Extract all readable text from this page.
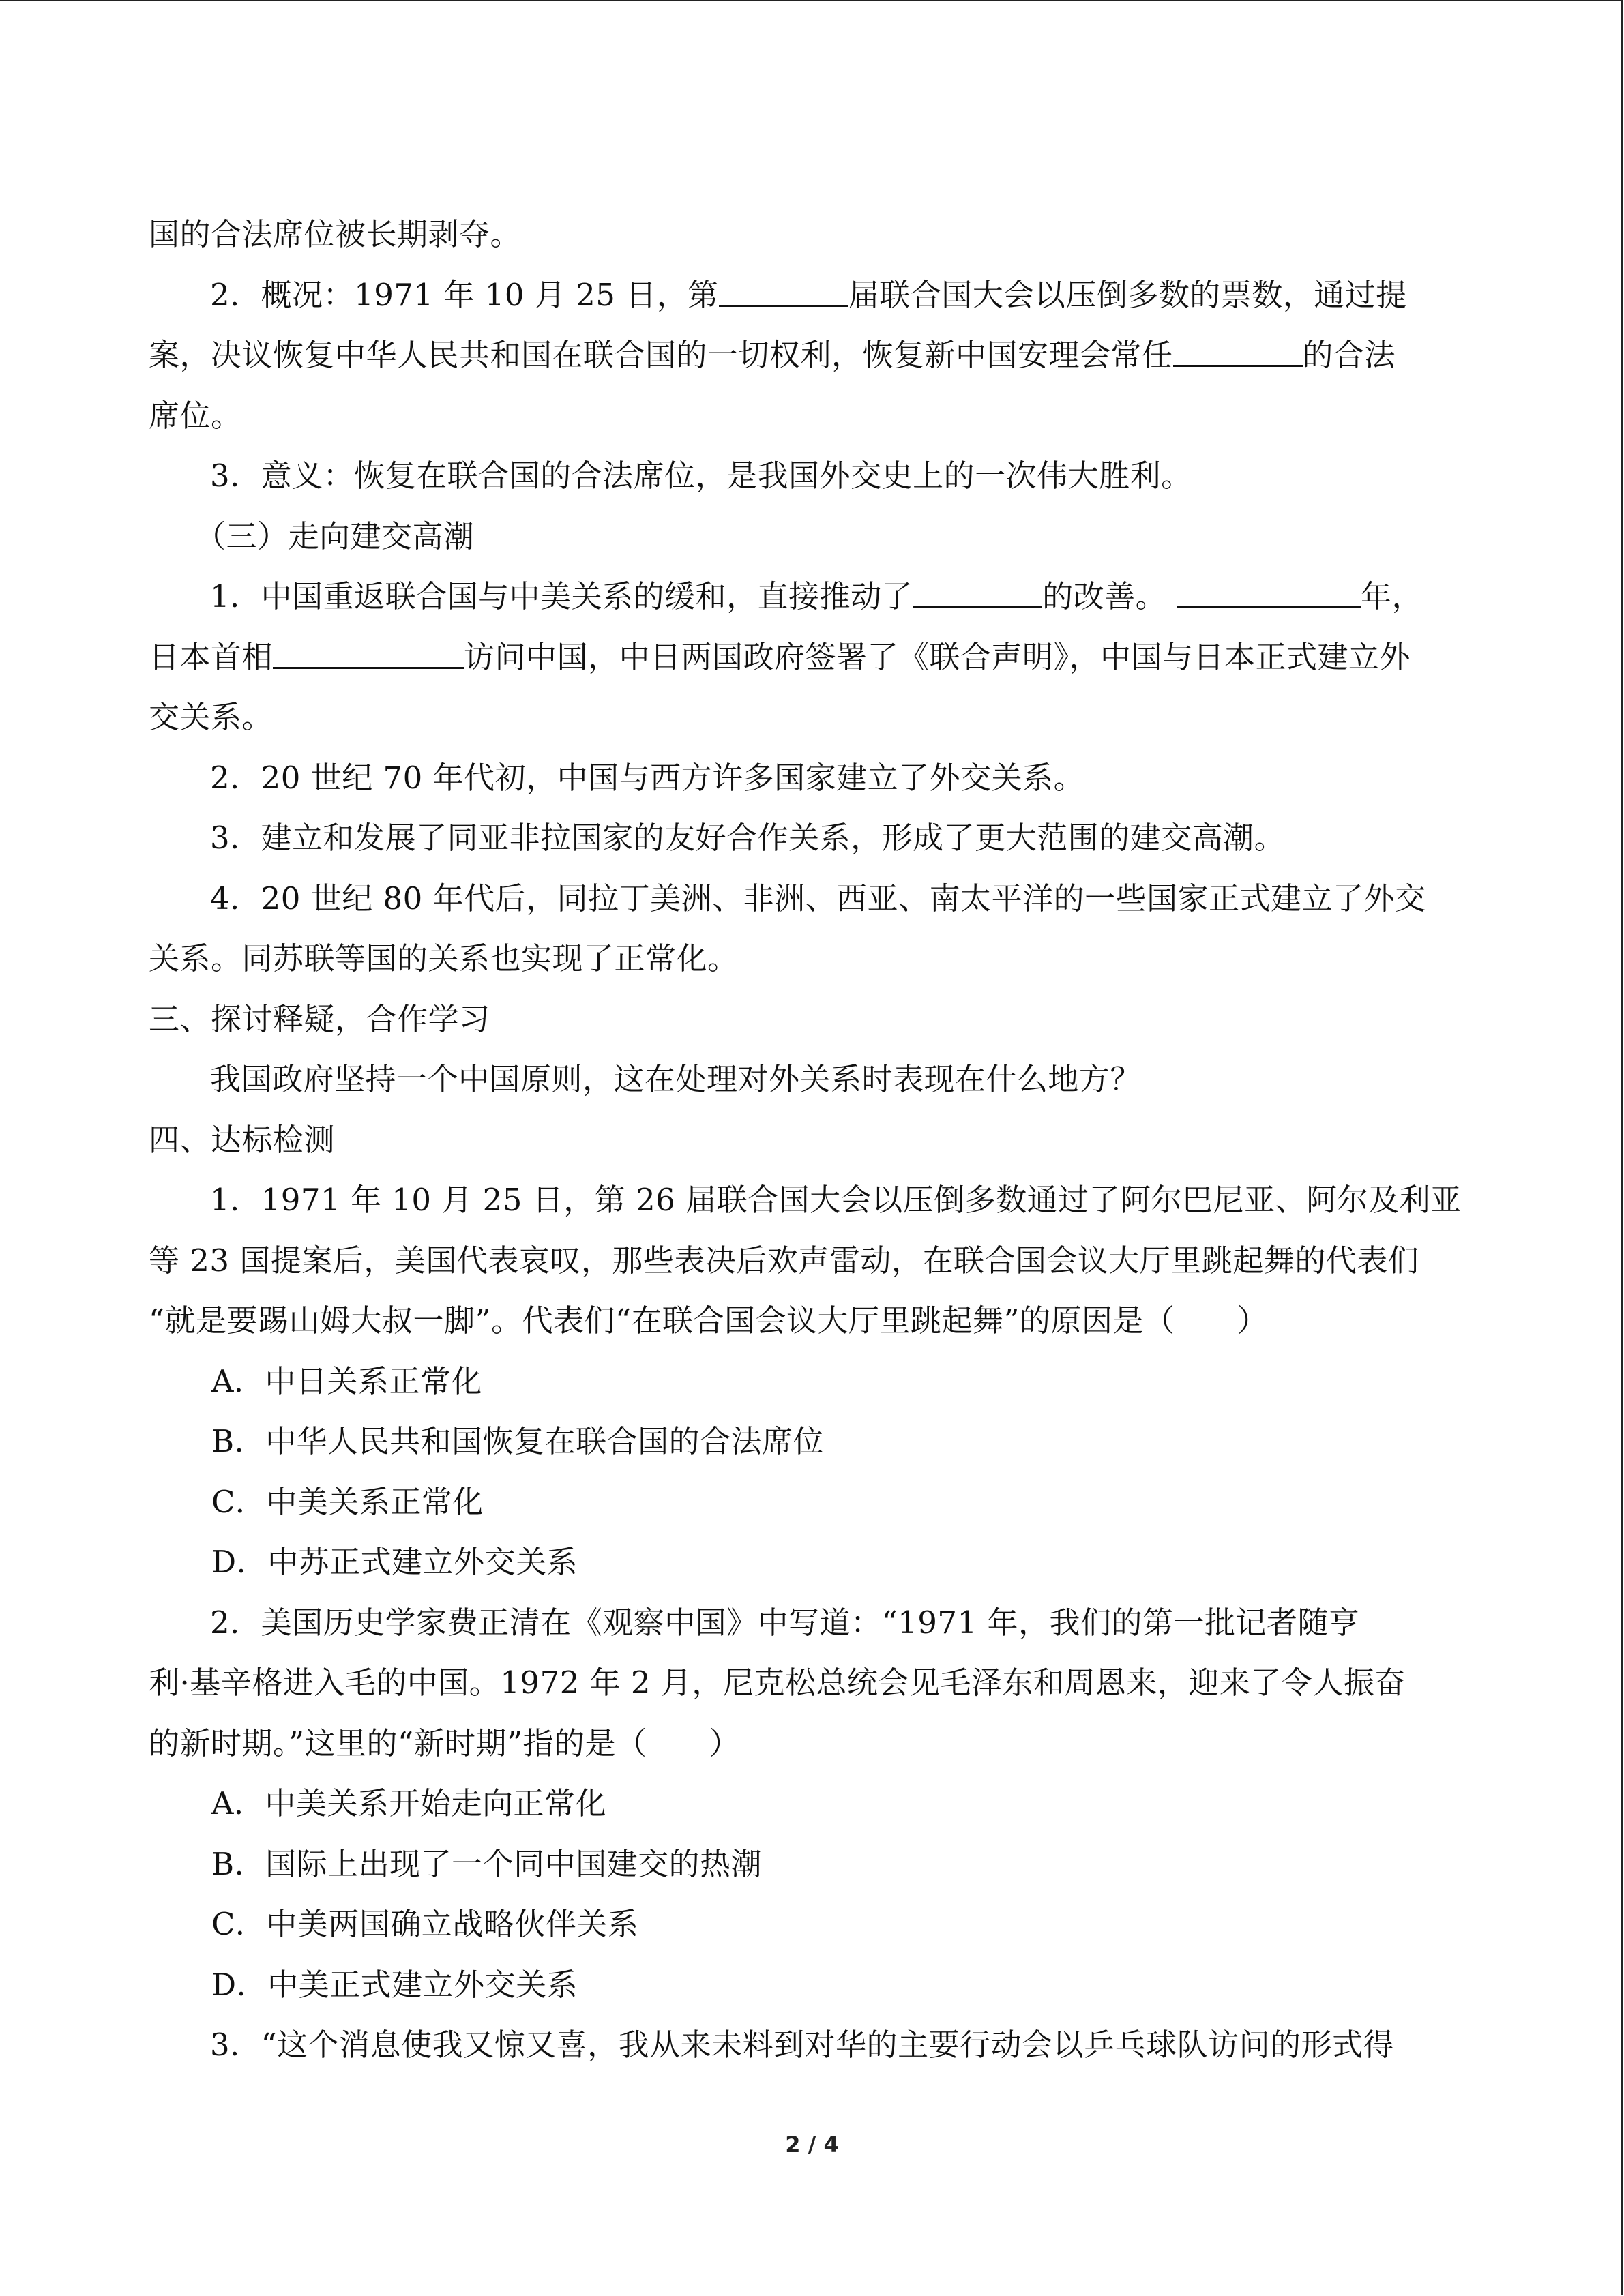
国的合法席位被长期剥夺。
2．概况：1971 年 10 月 25 日，第	届联合国大会以压倒多数的票数，通过提
案，决议恢复中华人民共和国在联合国的一切权利，恢复新中国安理会常任	的合法
席位。
3．意义：恢复在联合国的合法席位，是我国外交史上的一次伟大胜利。
（三）走向建交高潮
1．中国重返联合国与中美关系的缓和，直接推动了	的改善。	年，
日本首相	访问中国，中日两国政府签署了《联合声明》，中国与日本正式建立外
交关系。
2．20 世纪 70 年代初，中国与西方许多国家建立了外交关系。
3．建立和发展了同亚非拉国家的友好合作关系，形成了更大范围的建交高潮。
4．20 世纪 80 年代后，同拉丁美洲、非洲、西亚、南太平洋的一些国家正式建立了外交
关系。同苏联等国的关系也实现了正常化。
三、探讨释疑，合作学习
我国政府坚持一个中国原则，这在处理对外关系时表现在什么地方？
四、达标检测
1．1971 年 10 月 25 日，第 26 届联合国大会以压倒多数通过了阿尔巴尼亚、阿尔及利亚
等 23 国提案后，美国代表哀叹，那些表决后欢声雷动，在联合国会议大厅里跳起舞的代表们
“就是要踢山姆大叔一脚”。代表们“在联合国会议大厅里跳起舞”的原因是（　　）
A．中日关系正常化
B．中华人民共和国恢复在联合国的合法席位
C．中美关系正常化
D．中苏正式建立外交关系
2．美国历史学家费正清在《观察中国》中写道：“1971 年，我们的第一批记者随亨
利·基辛格进入毛的中国。1972 年 2 月，尼克松总统会见毛泽东和周恩来，迎来了令人振奋
的新时期。”这里的“新时期”指的是（　　）
A．中美关系开始走向正常化
B．国际上出现了一个同中国建交的热潮
C．中美两国确立战略伙伴关系
D．中美正式建立外交关系
3．“这个消息使我又惊又喜，我从来未料到对华的主要行动会以乒乓球队访问的形式得
2 / 4
